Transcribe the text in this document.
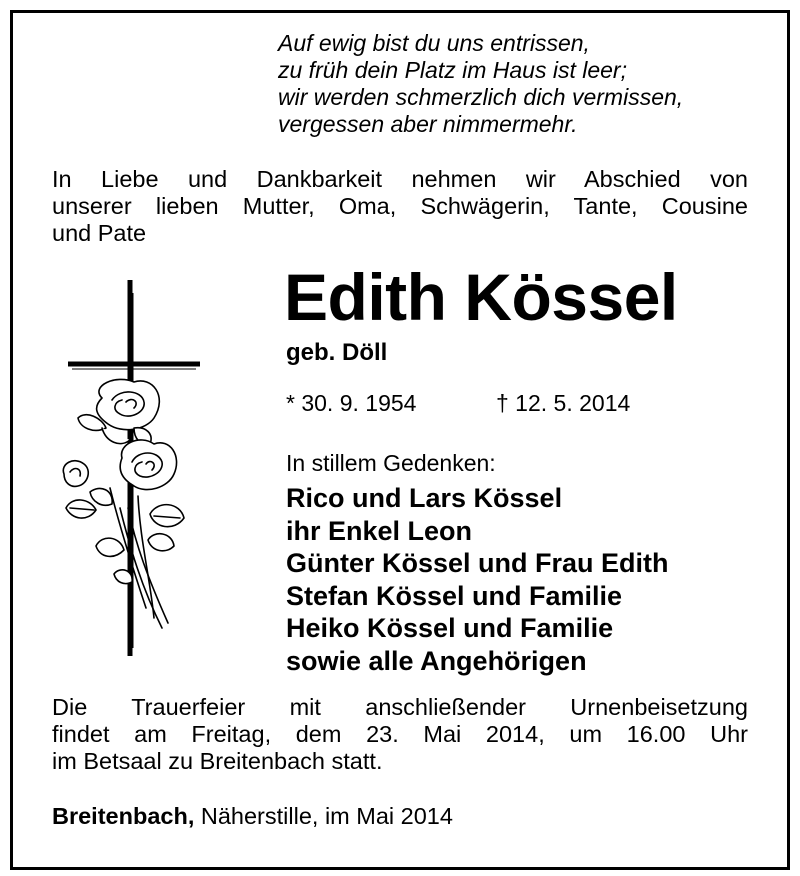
Auf ewig bist du uns entrissen,
zu früh dein Platz im Haus ist leer;
wir werden schmerzlich dich vermissen,
vergessen aber nimmermehr.
In Liebe und Dankbarkeit nehmen wir Abschied von
unserer lieben Mutter, Oma, Schwägerin, Tante, Cousine
und Pate
Edith Kössel
geb. Döll
* 30. 9. 1954	† 12. 5. 2014
In stillem Gedenken:
Rico und Lars Kössel
ihr Enkel Leon
Günter Kössel und Frau Edith
Stefan Kössel und Familie
Heiko Kössel und Familie
sowie alle Angehörigen
Die Trauerfeier mit anschließender Urnenbeisetzung
findet am Freitag, dem 23. Mai 2014, um 16.00 Uhr
im Betsaal zu Breitenbach statt.
Breitenbach, Näherstille, im Mai 2014
